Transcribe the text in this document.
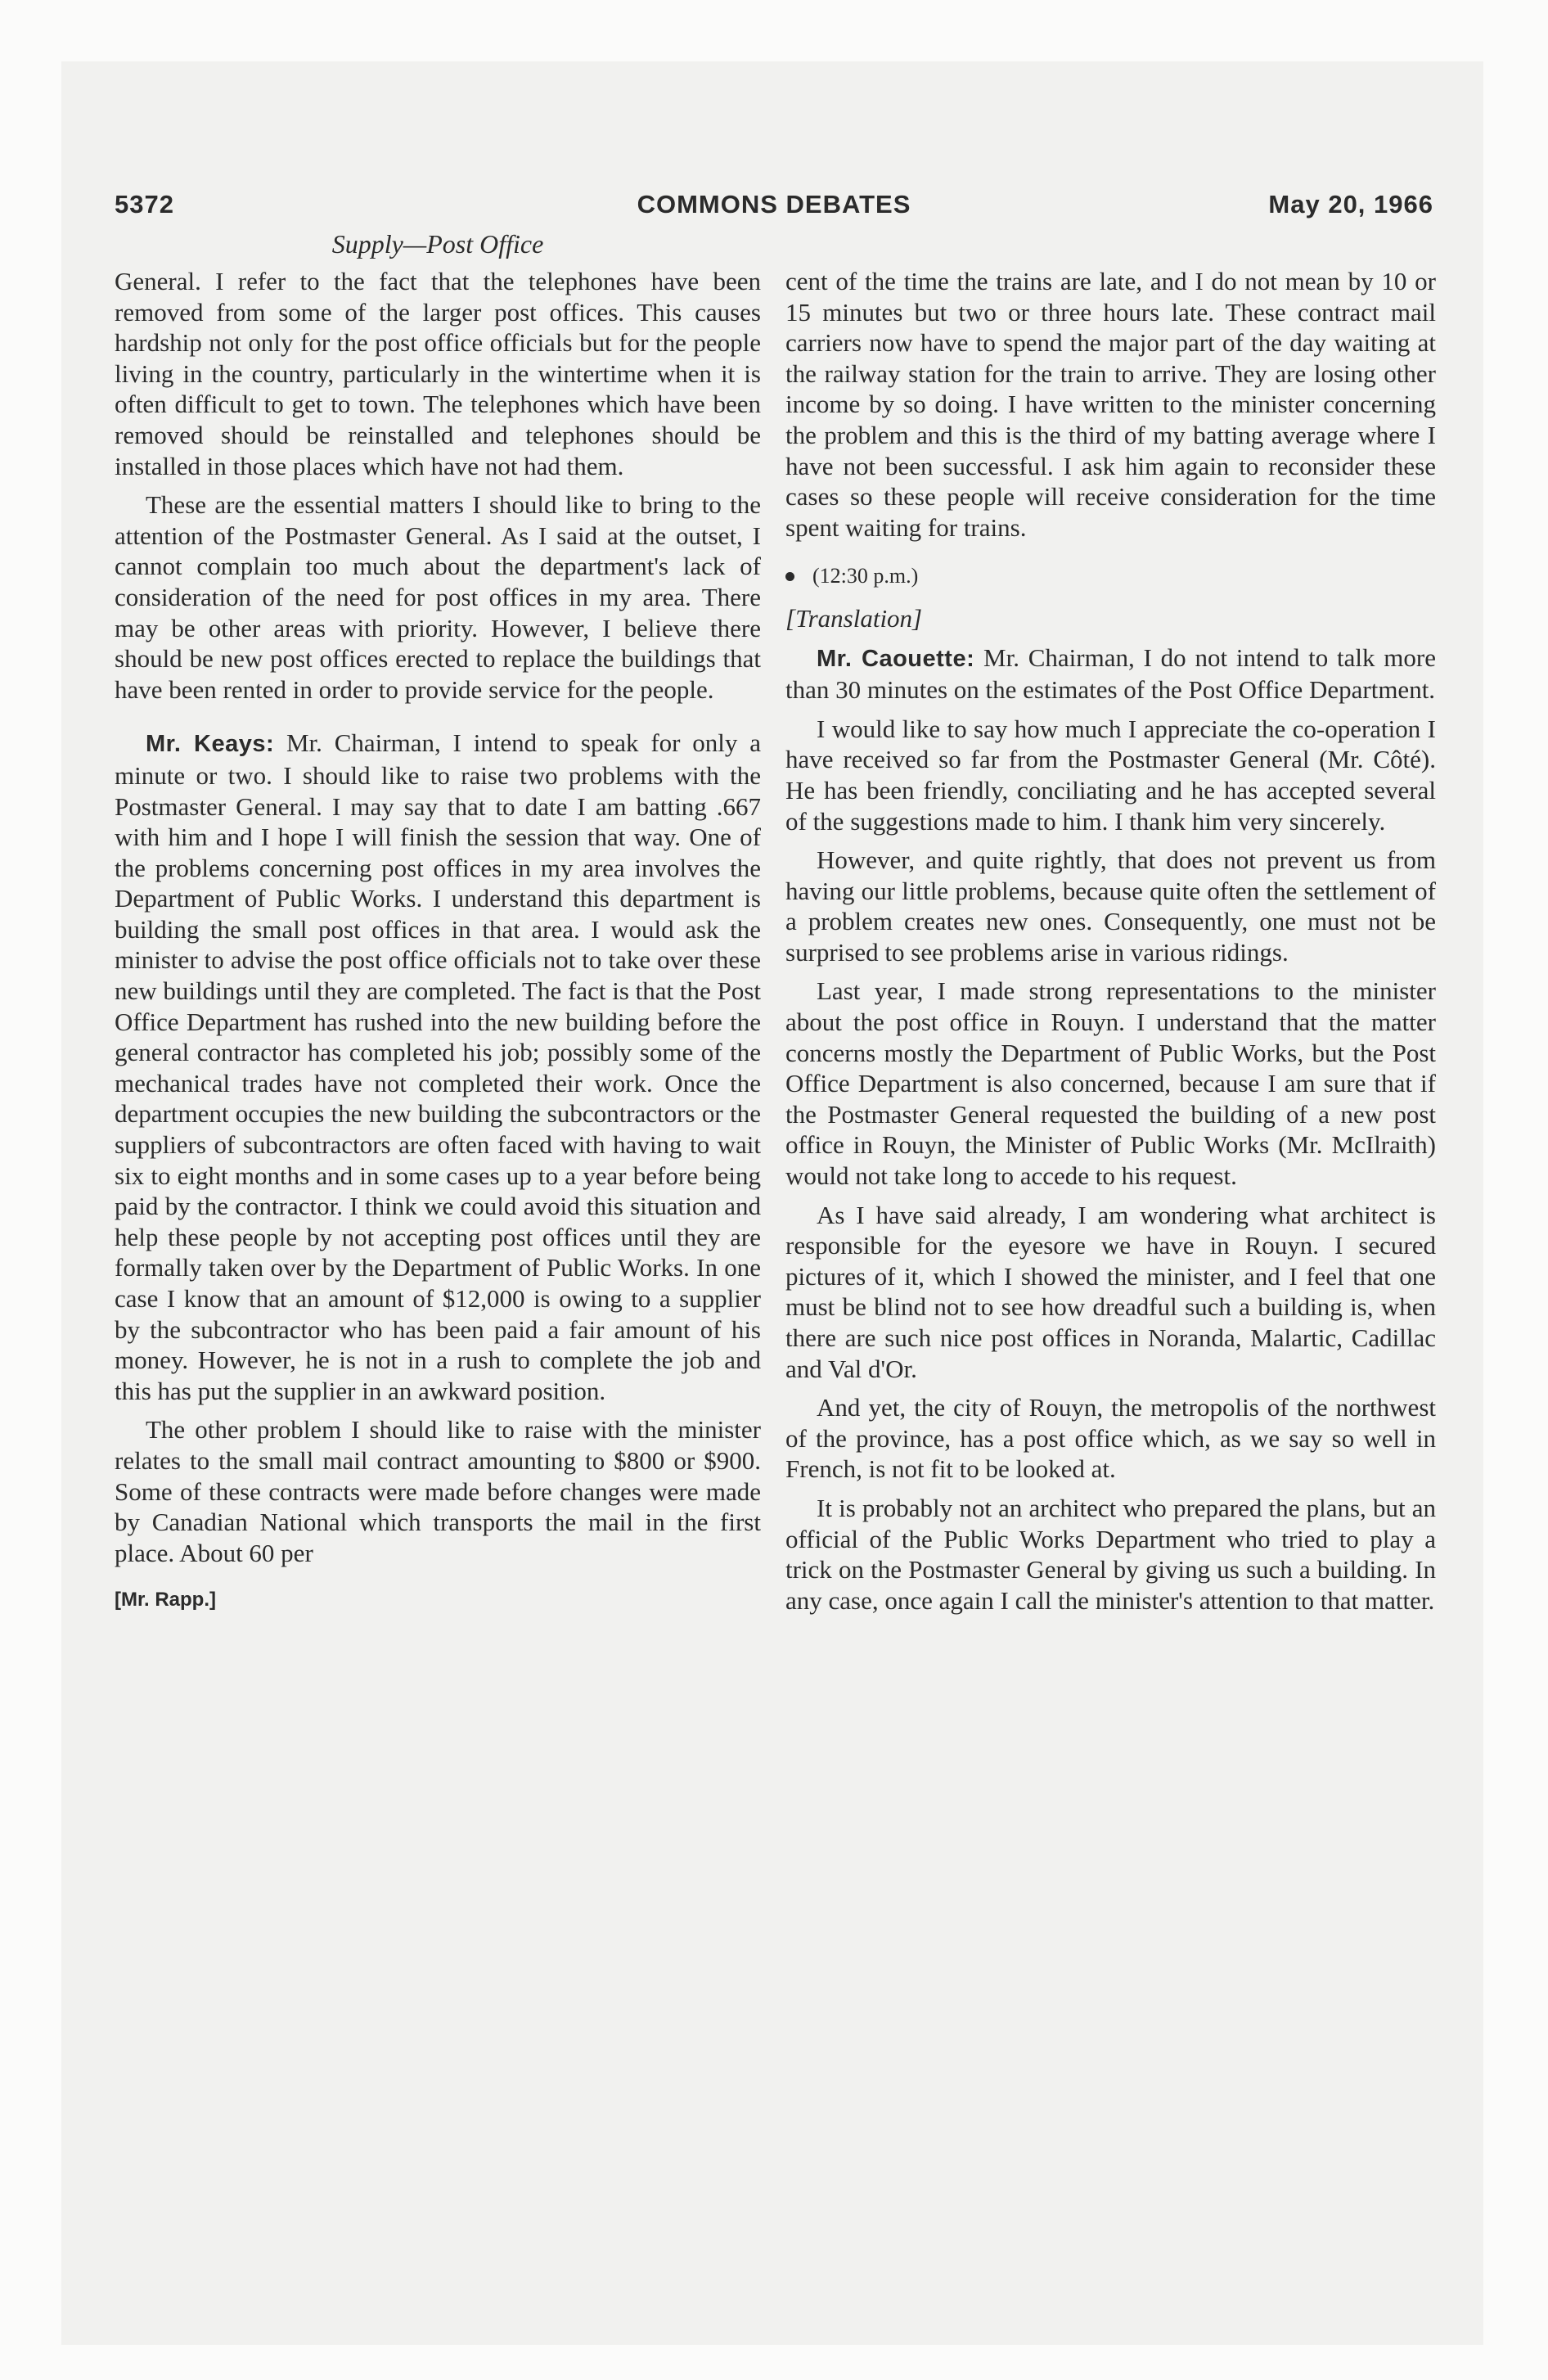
5372	COMMONS DEBATES	May 20, 1966
Supply—Post Office

General. I refer to the fact that the telephones have been removed from some of the larger post offices. This causes hardship not only for the post office officials but for the people living in the country, particularly in the wintertime when it is often difficult to get to town. The telephones which have been removed should be reinstalled and telephones should be installed in those places which have not had them.

These are the essential matters I should like to bring to the attention of the Postmaster General. As I said at the outset, I cannot complain too much about the department's lack of consideration of the need for post offices in my area. There may be other areas with priority. However, I believe there should be new post offices erected to replace the buildings that have been rented in order to provide service for the people.

Mr. Keays: Mr. Chairman, I intend to speak for only a minute or two. I should like to raise two problems with the Postmaster General. I may say that to date I am batting .667 with him and I hope I will finish the session that way. One of the problems concerning post offices in my area involves the Department of Public Works. I understand this department is building the small post offices in that area. I would ask the minister to advise the post office officials not to take over these new buildings until they are completed. The fact is that the Post Office Department has rushed into the new building before the general contractor has completed his job; possibly some of the mechanical trades have not completed their work. Once the department occupies the new building the subcontractors or the suppliers of subcontractors are often faced with having to wait six to eight months and in some cases up to a year before being paid by the contractor. I think we could avoid this situation and help these people by not accepting post offices until they are formally taken over by the Department of Public Works. In one case I know that an amount of $12,000 is owing to a supplier by the subcontractor who has been paid a fair amount of his money. However, he is not in a rush to complete the job and this has put the supplier in an awkward position.

The other problem I should like to raise with the minister relates to the small mail contract amounting to $800 or $900. Some of these contracts were made before changes were made by Canadian National which transports the mail in the first place. About 60 per

[Mr. Rapp.]

cent of the time the trains are late, and I do not mean by 10 or 15 minutes but two or three hours late. These contract mail carriers now have to spend the major part of the day waiting at the railway station for the train to arrive. They are losing other income by so doing. I have written to the minister concerning the problem and this is the third of my batting average where I have not been successful. I ask him again to reconsider these cases so these people will receive consideration for the time spent waiting for trains.

(12:30 p.m.)
[Translation]

Mr. Caouette: Mr. Chairman, I do not intend to talk more than 30 minutes on the estimates of the Post Office Department.

I would like to say how much I appreciate the co-operation I have received so far from the Postmaster General (Mr. Côté). He has been friendly, conciliating and he has accepted several of the suggestions made to him. I thank him very sincerely.

However, and quite rightly, that does not prevent us from having our little problems, because quite often the settlement of a problem creates new ones. Consequently, one must not be surprised to see problems arise in various ridings.

Last year, I made strong representations to the minister about the post office in Rouyn. I understand that the matter concerns mostly the Department of Public Works, but the Post Office Department is also concerned, because I am sure that if the Postmaster General requested the building of a new post office in Rouyn, the Minister of Public Works (Mr. McIlraith) would not take long to accede to his request.

As I have said already, I am wondering what architect is responsible for the eyesore we have in Rouyn. I secured pictures of it, which I showed the minister, and I feel that one must be blind not to see how dreadful such a building is, when there are such nice post offices in Noranda, Malartic, Cadillac and Val d'Or.

And yet, the city of Rouyn, the metropolis of the northwest of the province, has a post office which, as we say so well in French, is not fit to be looked at.

It is probably not an architect who prepared the plans, but an official of the Public Works Department who tried to play a trick on the Postmaster General by giving us such a building. In any case, once again I call the minister's attention to that matter.
